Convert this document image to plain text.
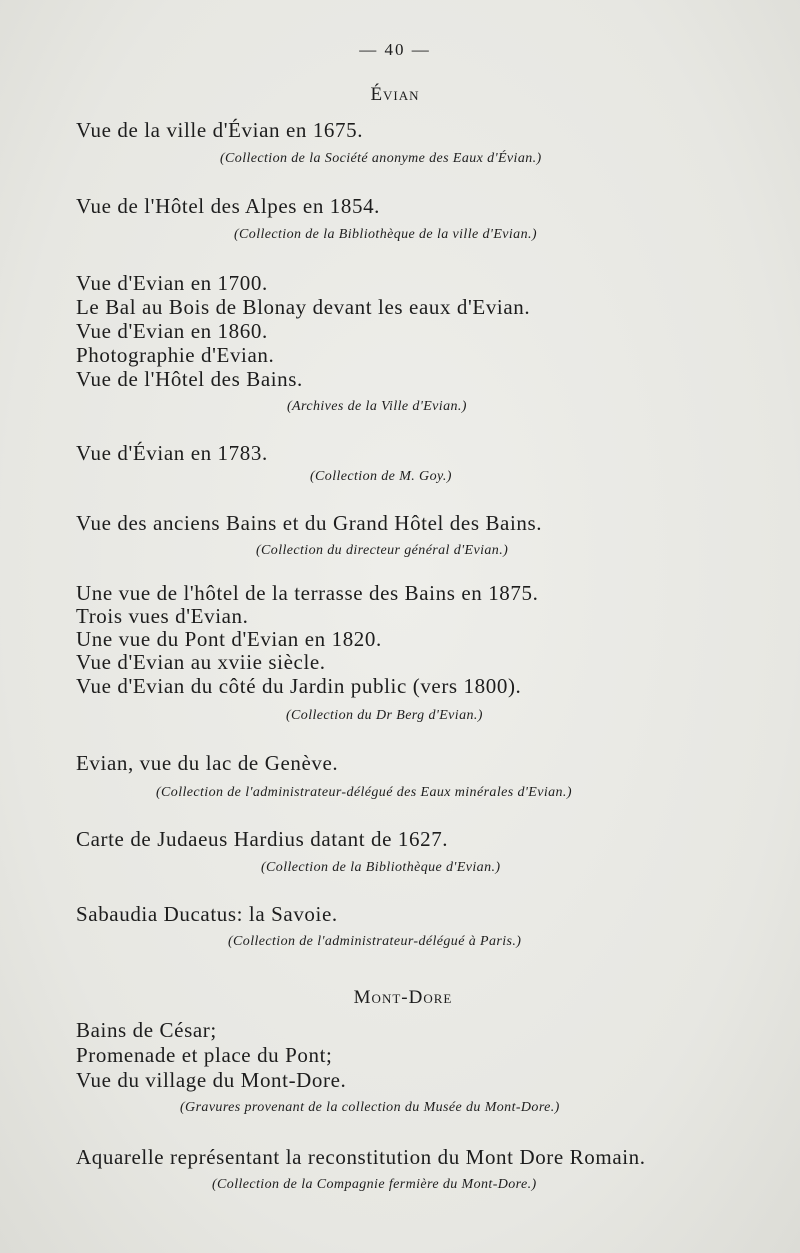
— 40 —
Évian
Vue de la ville d'Évian en 1675.
(Collection de la Société anonyme des Eaux d'Évian.)
Vue de l'Hôtel des Alpes en 1854.
(Collection de la Bibliothèque de la ville d'Evian.)
Vue d'Evian en 1700.
Le Bal au Bois de Blonay devant les eaux d'Evian.
Vue d'Evian en 1860.
Photographie d'Evian.
Vue de l'Hôtel des Bains.
(Archives de la Ville d'Evian.)
Vue d'Évian en 1783.
(Collection de M. Goy.)
Vue des anciens Bains et du Grand Hôtel des Bains.
(Collection du directeur général d'Evian.)
Une vue de l'hôtel de la terrasse des Bains en 1875.
Trois vues d'Evian.
Une vue du Pont d'Evian en 1820.
Vue d'Evian au xviie siècle.
Vue d'Evian du côté du Jardin public (vers 1800).
(Collection du Dr Berg d'Evian.)
Evian, vue du lac de Genève.
(Collection de l'administrateur-délégué des Eaux minérales d'Evian.)
Carte de Judaeus Hardius datant de 1627.
(Collection de la Bibliothèque d'Evian.)
Sabaudia Ducatus: la Savoie.
(Collection de l'administrateur-délégué à Paris.)
Mont-Dore
Bains de César;
Promenade et place du Pont;
Vue du village du Mont-Dore.
(Gravures provenant de la collection du Musée du Mont-Dore.)
Aquarelle représentant la reconstitution du Mont Dore Romain.
(Collection de la Compagnie fermière du Mont-Dore.)
